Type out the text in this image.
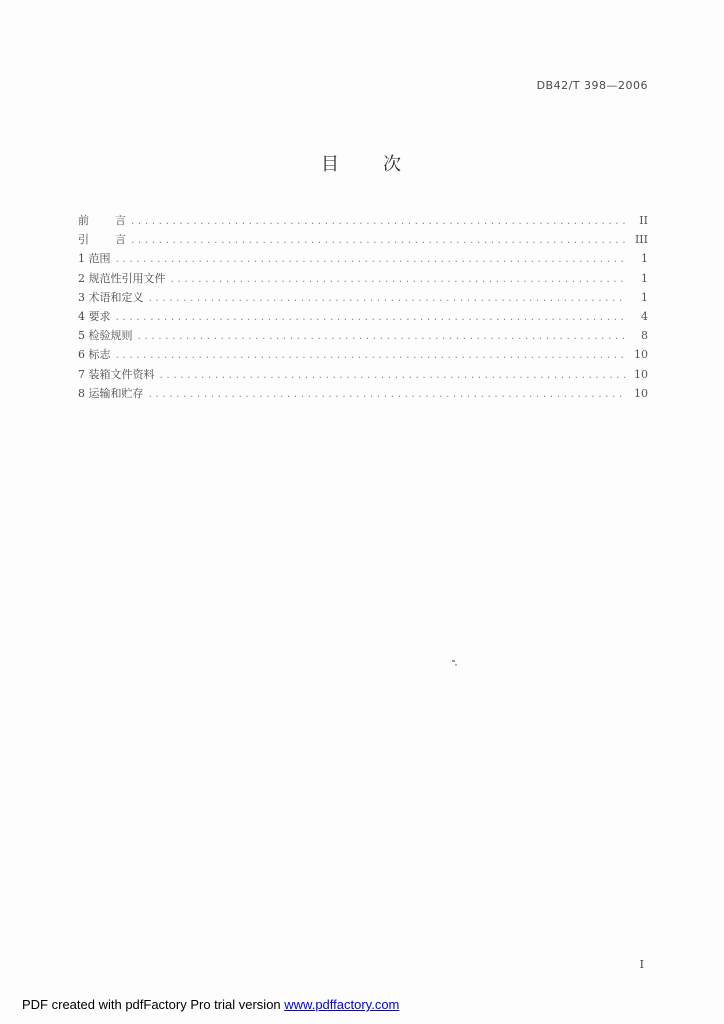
DB42/T 398—2006
目 次
前 言 .....	II
引 言 .....	III
1 范围 .....	1
2 规范性引用文件 .....	1
3 术语和定义 .....	1
4 要求 .....	4
5 检验规则 .....	8
6 标志 .....	10
7 装箱文件资料 .....	10
8 运输和贮存 .....	10
I
PDF created with pdfFactory Pro trial version www.pdffactory.com
